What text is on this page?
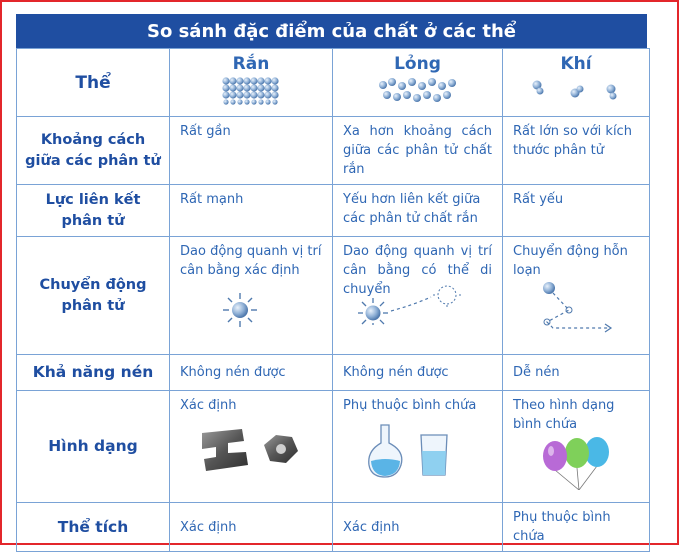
So sánh đặc điểm của chất ở các thể
Thể	Rắn	Lỏng	Khí

Khoảng cách giữa các phân tử	Rất gần	Xa hơn khoảng cách giữa các phân tử chất rắn	Rất lớn so với kích thước phân tử
Lực liên kết phân tử	Rất mạnh	Yếu hơn liên kết giữa các phân tử chất rắn	Rất yếu
Chuyển động phân tử	Dao động quanh vị trí cân bằng xác định	Dao động quanh vị trí cân bằng có thể di chuyển	Chuyển động hỗn loạn

Khả năng nén	Không nén được	Không nén được	Dễ nén
Hình dạng	Xác định	Phụ thuộc bình chứa	Theo hình dạng bình chứa

Thể tích	Xác định	Xác định	Phụ thuộc bình chứa
